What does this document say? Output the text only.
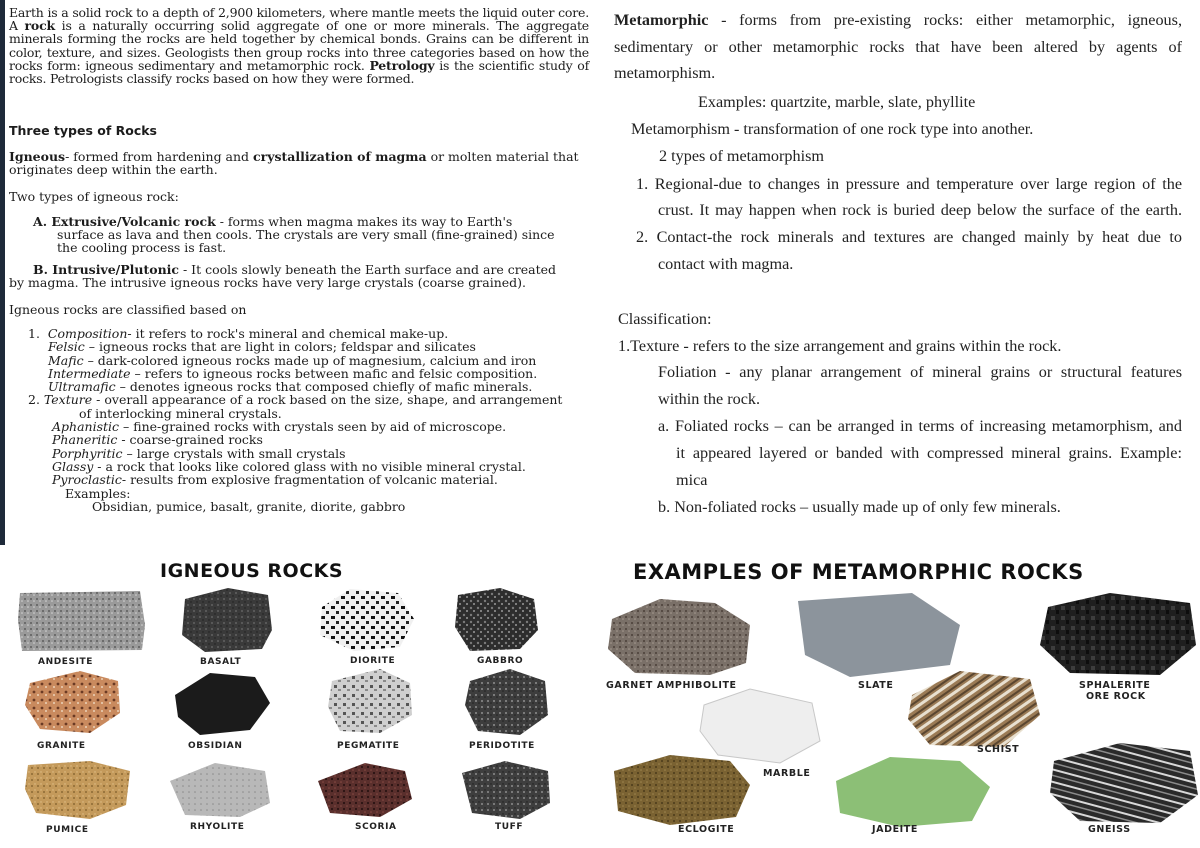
Earth is a solid rock to a depth of 2,900 kilometers, where mantle meets the liquid outer core. A rock is a naturally occurring solid aggregate of one or more minerals. The aggregate minerals forming the rocks are held together by chemical bonds. Grains can be different in color, texture, and sizes. Geologists then group rocks into three categories based on how the rocks form: igneous sedimentary and metamorphic rock. Petrology is the scientific study of rocks. Petrologists classify rocks based on how they were formed.

Three types of Rocks

Igneous- formed from hardening and crystallization of magma or molten material that originates deep within the earth.

Two types of igneous rock:

A. Extrusive/Volcanic rock - forms when magma makes its way to Earth's
surface as lava and then cools. The crystals are very small (fine-grained) since
the cooling process is fast.
B. Intrusive/Plutonic - It cools slowly beneath the Earth surface and are created
by magma. The intrusive igneous rocks have very large crystals (coarse grained).

Igneous rocks are classified based on

1. Composition- it refers to rock's mineral and chemical make-up.

Felsic – igneous rocks that are light in colors; feldspar and silicates
Mafic – dark-colored igneous rocks made up of magnesium, calcium and iron
Intermediate – refers to igneous rocks between mafic and felsic composition.
Ultramafic – denotes igneous rocks that composed chiefly of mafic minerals.
2. Texture - overall appearance of a rock based on the size, shape, and arrangement

of interlocking mineral crystals.
Aphanistic – fine-grained rocks with crystals seen by aid of microscope.
Phaneritic - coarse-grained rocks
Porphyritic – large crystals with small crystals
Glassy - a rock that looks like colored glass with no visible mineral crystal.
Pyroclastic- results from explosive fragmentation of volcanic material.
Examples:
Obsidian, pumice, basalt, granite, diorite, gabbro
Metamorphic - forms from pre-existing rocks: either metamorphic, igneous,
sedimentary or other metamorphic rocks that have been altered by agents of
metamorphism.
Examples: quartzite, marble, slate, phyllite
Metamorphism - transformation of one rock type into another.
2 types of metamorphism
1. Regional-due to changes in pressure and temperature over large region of the
crust. It may happen when rock is buried deep below the surface of the earth.
2. Contact-the rock minerals and textures are changed mainly by heat due to
contact with magma.
Classification:
1.Texture - refers to the size arrangement and grains within the rock.
Foliation - any planar arrangement of mineral grains or structural features
within the rock.
a. Foliated rocks – can be arranged in terms of increasing metamorphism, and
it appeared layered or banded with compressed mineral grains. Example:
mica
b. Non-foliated rocks – usually made up of only few minerals.
IGNEOUS ROCKS	EXAMPLES OF METAMORPHIC ROCKS
ANDESITE	BASALT	DIORITE	GABBRO
GRANITE	OBSIDIAN	PEGMATITE	PERIDOTITE
PUMICE	RHYOLITE	SCORIA	TUFF
GARNET AMPHIBOLITE	SLATE	SPHALERITE
ORE ROCK
SCHIST
MARBLE
ECLOGITE	JADEITE	GNEISS
